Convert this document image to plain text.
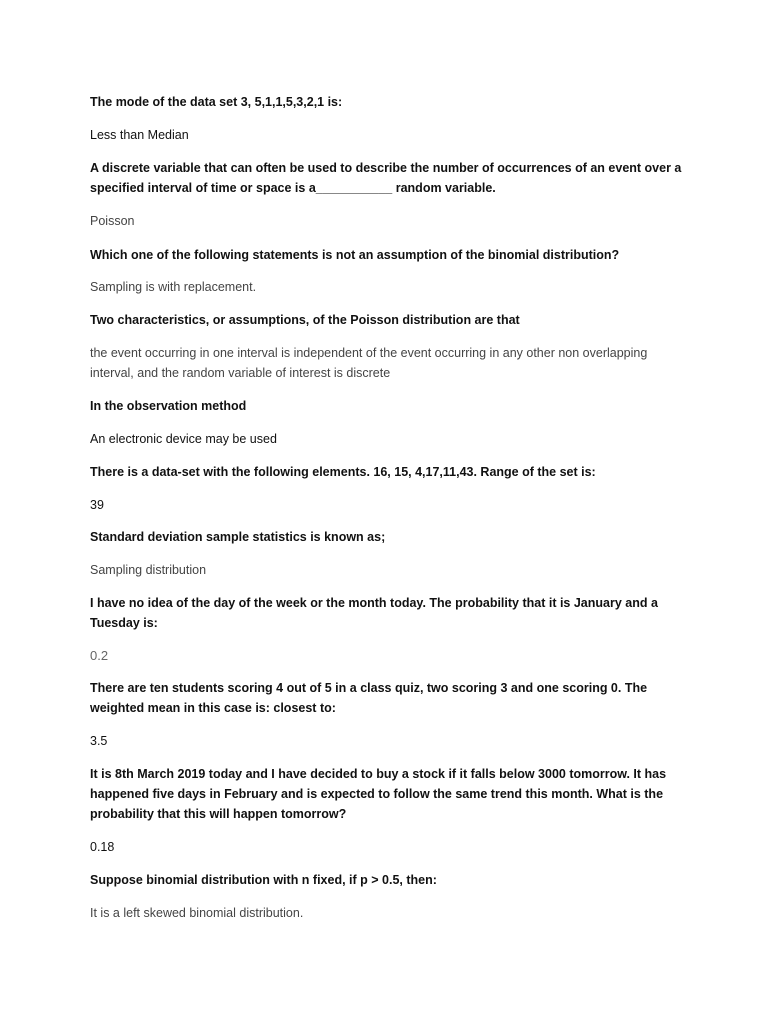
The mode of the data set 3, 5,1,1,5,3,2,1 is:

Less than Median

A discrete variable that can often be used to describe the number of occurrences of an event over a specified interval of time or space is a___________ random variable.

Poisson

Which one of the following statements is not an assumption of the binomial distribution?

Sampling is with replacement.

Two characteristics, or assumptions, of the Poisson distribution are that

the event occurring in one interval is independent of the event occurring in any other non overlapping interval, and the random variable of interest is discrete

In the observation method

An electronic device may be used

There is a data-set with the following elements. 16, 15, 4,17,11,43. Range of the set is:

39

Standard deviation sample statistics is known as;

Sampling distribution

I have no idea of the day of the week or the month today. The probability that it is January and a Tuesday is:

0.2

There are ten students scoring 4 out of 5 in a class quiz, two scoring 3 and one scoring 0. The weighted mean in this case is: closest to:

3.5

It is 8th March 2019 today and I have decided to buy a stock if it falls below 3000 tomorrow. It has happened five days in February and is expected to follow the same trend this month. What is the probability that this will happen tomorrow?

0.18

Suppose binomial distribution with n fixed, if p > 0.5, then:

It is a left skewed binomial distribution.
